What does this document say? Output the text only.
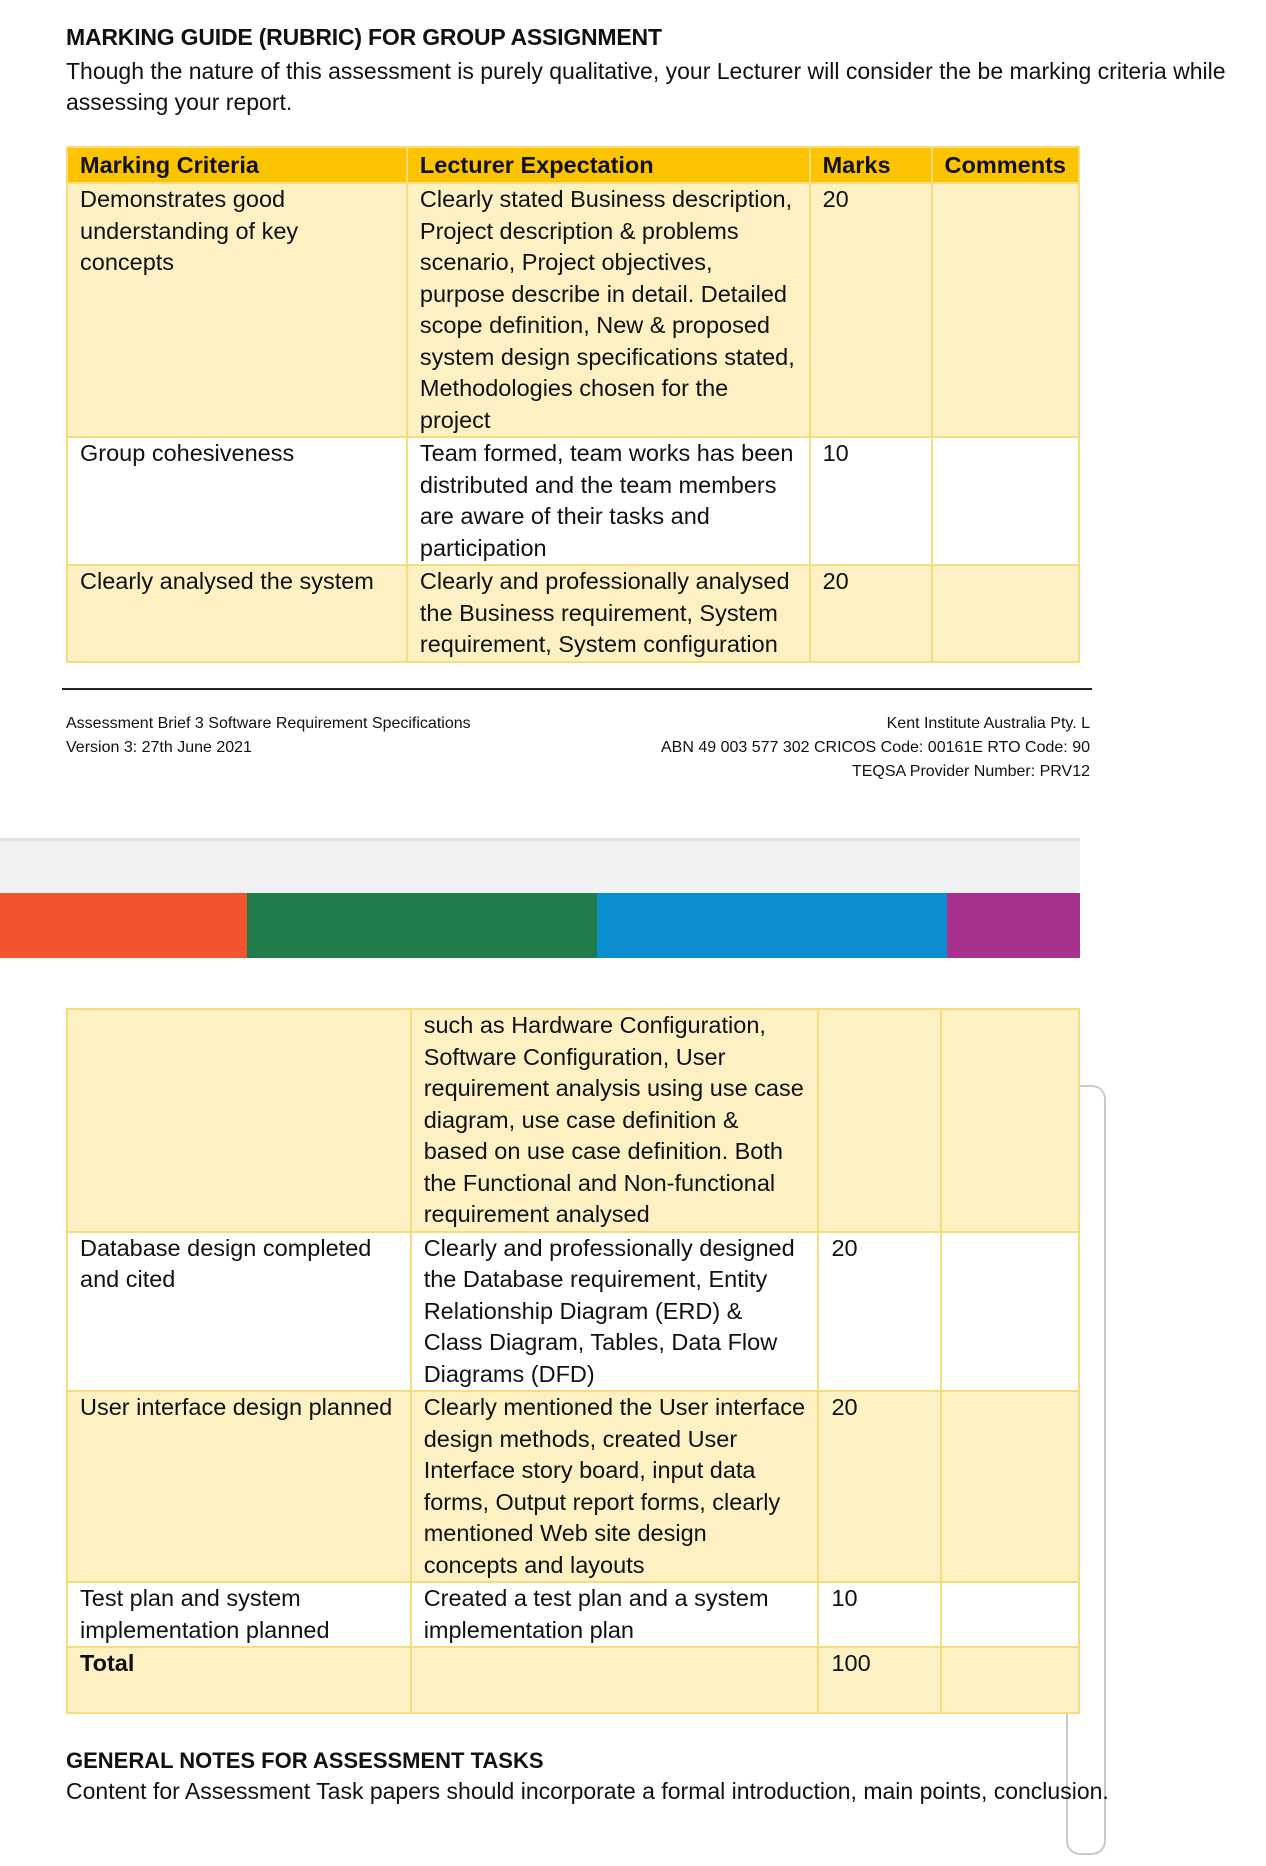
MARKING GUIDE (RUBRIC) FOR GROUP ASSIGNMENT
Though the nature of this assessment is purely qualitative, your Lecturer will consider the be marking criteria while assessing your report.
Marking Criteria	Lecturer Expectation	Marks	Comments
Demonstrates good understanding of key concepts	Clearly stated Business description, Project description & problems scenario, Project objectives, purpose describe in detail. Detailed scope definition, New & proposed system design specifications stated, Methodologies chosen for the project	20	
Group cohesiveness	Team formed, team works has been distributed and the team members are aware of their tasks and participation	10	
Clearly analysed the system	Clearly and professionally analysed the Business requirement, System requirement, System configuration	20	
Assessment Brief 3 Software Requirement Specifications
Version 3: 27th June 2021
Kent Institute Australia Pty. L
ABN 49 003 577 302 CRICOS Code: 00161E RTO Code: 90
TEQSA Provider Number: PRV12
	such as Hardware Configuration, Software Configuration, User requirement analysis using use case diagram, use case definition & based on use case definition. Both the Functional and Non-functional requirement analysed		
Database design completed and cited	Clearly and professionally designed the Database requirement, Entity Relationship Diagram (ERD) & Class Diagram, Tables, Data Flow Diagrams (DFD)	20	
User interface design planned	Clearly mentioned the User interface design methods, created User Interface story board, input data forms, Output report forms, clearly mentioned Web site design concepts and layouts	20	
Test plan and system implementation planned	Created a test plan and a system implementation plan	10	
Total		100	
GENERAL NOTES FOR ASSESSMENT TASKS
Content for Assessment Task papers should incorporate a formal introduction, main points, conclusion.
